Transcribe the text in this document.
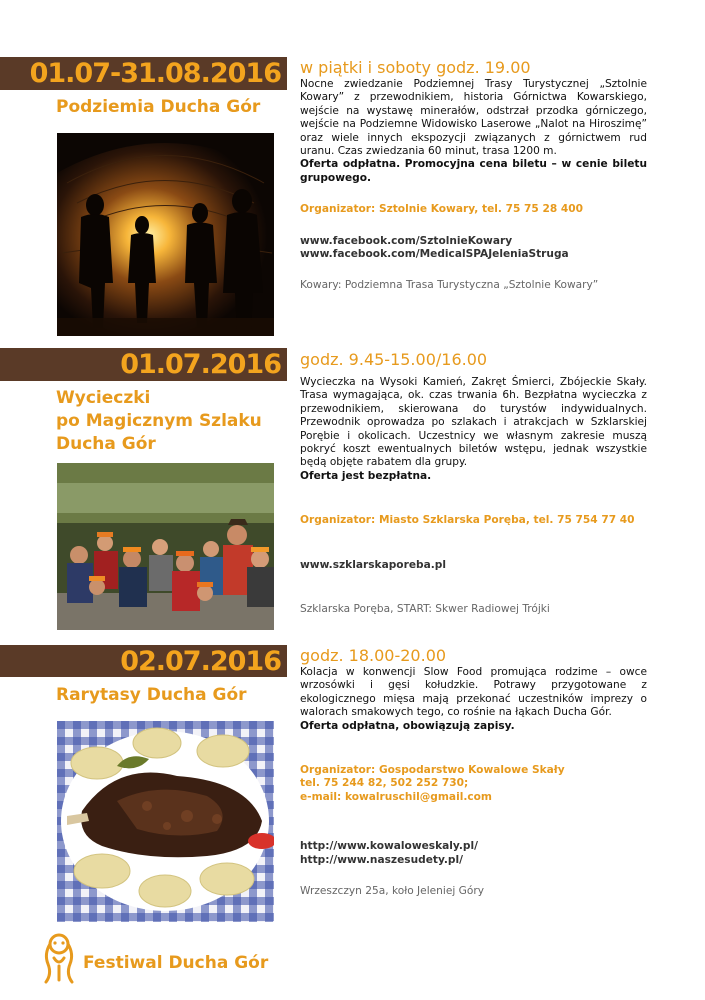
01.07-31.08.2016
Podziemia Ducha Gór

w piątki i soboty godz. 19.00

Nocne zwiedzanie Podziemnej Trasy Turystycznej „Sztolnie Kowary” z przewodnikiem, historia Górnictwa Kowarskiego, wejście na wystawę minerałów, odstrzał przodka górniczego, wejście na Podziemne Widowisko Laserowe „Nalot na Hiroszimę” oraz wiele innych ekspozycji związanych z górnictwem rud uranu. Czas zwiedzania 60 minut, trasa 1200 m.

Oferta odpłatna. Promocyjna cena biletu – w cenie biletu grupowego.

Organizator: Sztolnie Kowary, tel. 75 75 28 400

www.facebook.com/SztolnieKowary

www.facebook.com/MedicalSPAJeleniaStruga

Kowary: Podziemna Trasa Turystyczna „Sztolnie Kowary”

01.07.2016
Wycieczki
po Magicznym Szlaku
Ducha Gór

godz. 9.45-15.00/16.00

Wycieczka na Wysoki Kamień, Zakręt Śmierci, Zbójeckie Skały. Trasa wymagająca, ok. czas trwania 6h. Bezpłatna wycieczka z przewodnikiem, skierowana do turystów indywidualnych. Przewodnik oprowadza po szlakach i atrakcjach w Szklarskiej Porębie i okolicach. Uczestnicy we własnym zakresie muszą pokryć koszt ewentualnych biletów wstępu, jednak wszystkie będą objęte rabatem dla grupy.

Oferta jest bezpłatna.

Organizator: Miasto Szklarska Poręba, tel. 75 754 77 40

www.szklarskaporeba.pl

Szklarska Poręba, START: Skwer Radiowej Trójki

02.07.2016
Rarytasy Ducha Gór

godz. 18.00-20.00

Kolacja w konwencji Slow Food promująca rodzime – owce wrzosówki i gęsi kołudzkie. Potrawy przygotowane z ekologicznego mięsa mają przekonać uczestników imprezy o walorach smakowych tego, co rośnie na łąkach Ducha Gór.

Oferta odpłatna, obowiązują zapisy.

Organizator: Gospodarstwo Kowalowe Skały

tel. 75 244 82, 502 252 730;

e-mail: kowalruschil@gmail.com

http://www.kowaloweskaly.pl/

http://www.naszesudety.pl/

Wrzeszczyn 25a, koło Jeleniej Góry

Festiwal Ducha Gór
